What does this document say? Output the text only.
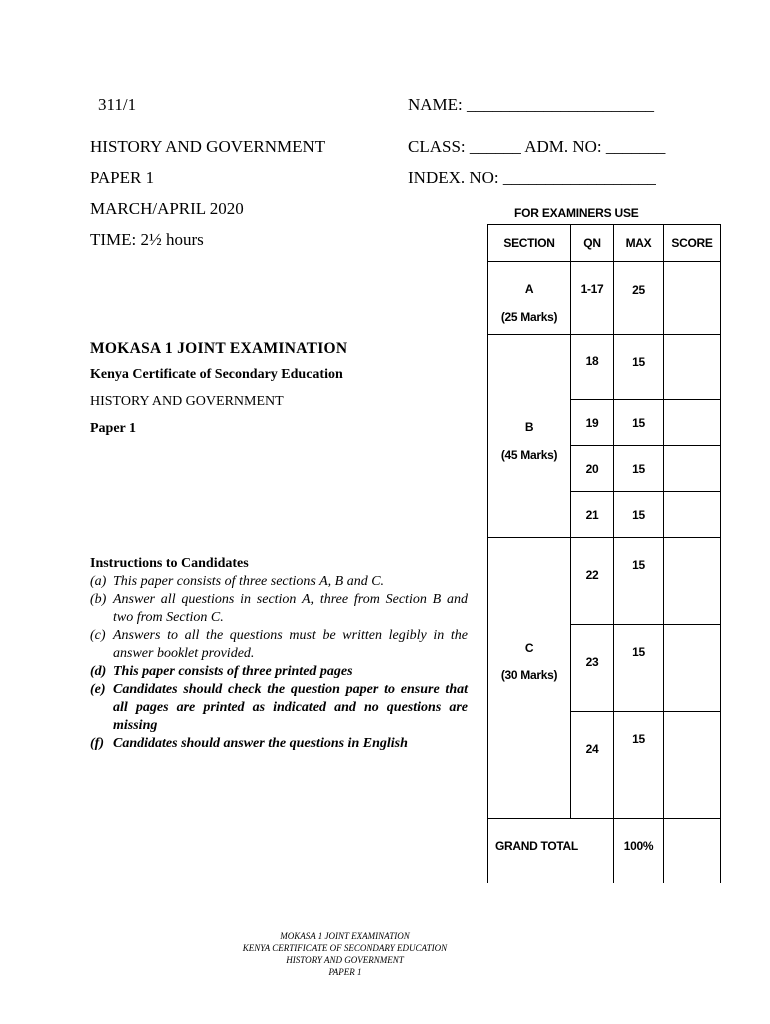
311/1
HISTORY AND GOVERNMENT
PAPER 1
MARCH/APRIL 2020
TIME: 2½ hours
NAME: ______________________
CLASS: ______ ADM. NO: _______
INDEX. NO: __________________
FOR EXAMINERS USE
SECTION	QN	MAX	SCORE

A
(25 Marks)	1-17	25	

B
(45 Marks)	18	15	
	19	15	
	20	15	
	21	15	

C
(30 Marks)	22	15	
	23	15	
	24	15	
GRAND TOTAL		100%	
MOKASA 1 JOINT EXAMINATION
Kenya Certificate of Secondary Education
HISTORY AND GOVERNMENT
Paper 1
Instructions to Candidates
(a) This paper consists of three sections A, B and C.
(b) Answer all questions in section A, three from Section B and two from Section C.
(c) Answers to all the questions must be written legibly in the answer booklet provided.
(d) This paper consists of three printed pages
(e) Candidates should check the question paper to ensure that all pages are printed as indicated and no questions are missing
(f) Candidates should answer the questions in English
MOKASA 1 JOINT EXAMINATION
KENYA CERTIFICATE OF SECONDARY EDUCATION
HISTORY AND GOVERNMENT
PAPER 1
